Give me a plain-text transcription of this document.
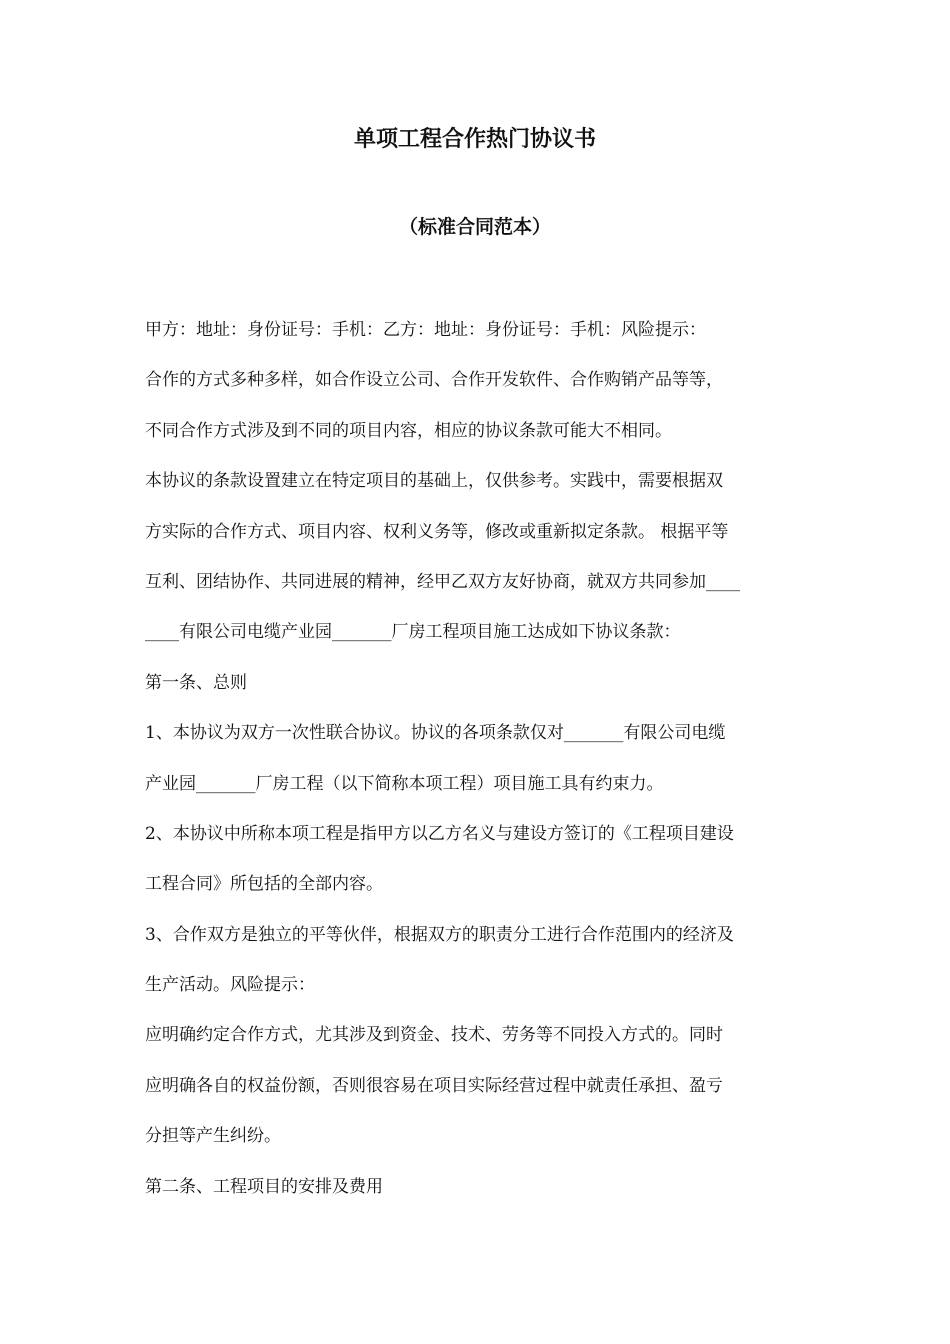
单项工程合作热门协议书
（标准合同范本）
甲方：地址：身份证号：手机：乙方：地址：身份证号：手机：风险提示：
合作的方式多种多样，如合作设立公司、合作开发软件、合作购销产品等等，
不同合作方式涉及到不同的项目内容，相应的协议条款可能大不相同。
本协议的条款设置建立在特定项目的基础上，仅供参考。实践中，需要根据双
方实际的合作方式、项目内容、权利义务等，修改或重新拟定条款。 根据平等
互利、团结协作、共同进展的精神，经甲乙双方友好协商，就双方共同参加____
____有限公司电缆产业园_______厂房工程项目施工达成如下协议条款：
第一条、总则
1、本协议为双方一次性联合协议。协议的各项条款仅对_______有限公司电缆
产业园_______厂房工程（以下简称本项工程）项目施工具有约束力。
2、本协议中所称本项工程是指甲方以乙方名义与建设方签订的《工程项目建设
工程合同》所包括的全部内容。
3、合作双方是独立的平等伙伴，根据双方的职责分工进行合作范围内的经济及
生产活动。风险提示：
应明确约定合作方式，尤其涉及到资金、技术、劳务等不同投入方式的。同时
应明确各自的权益份额，否则很容易在项目实际经营过程中就责任承担、盈亏
分担等产生纠纷。
第二条、工程项目的安排及费用
